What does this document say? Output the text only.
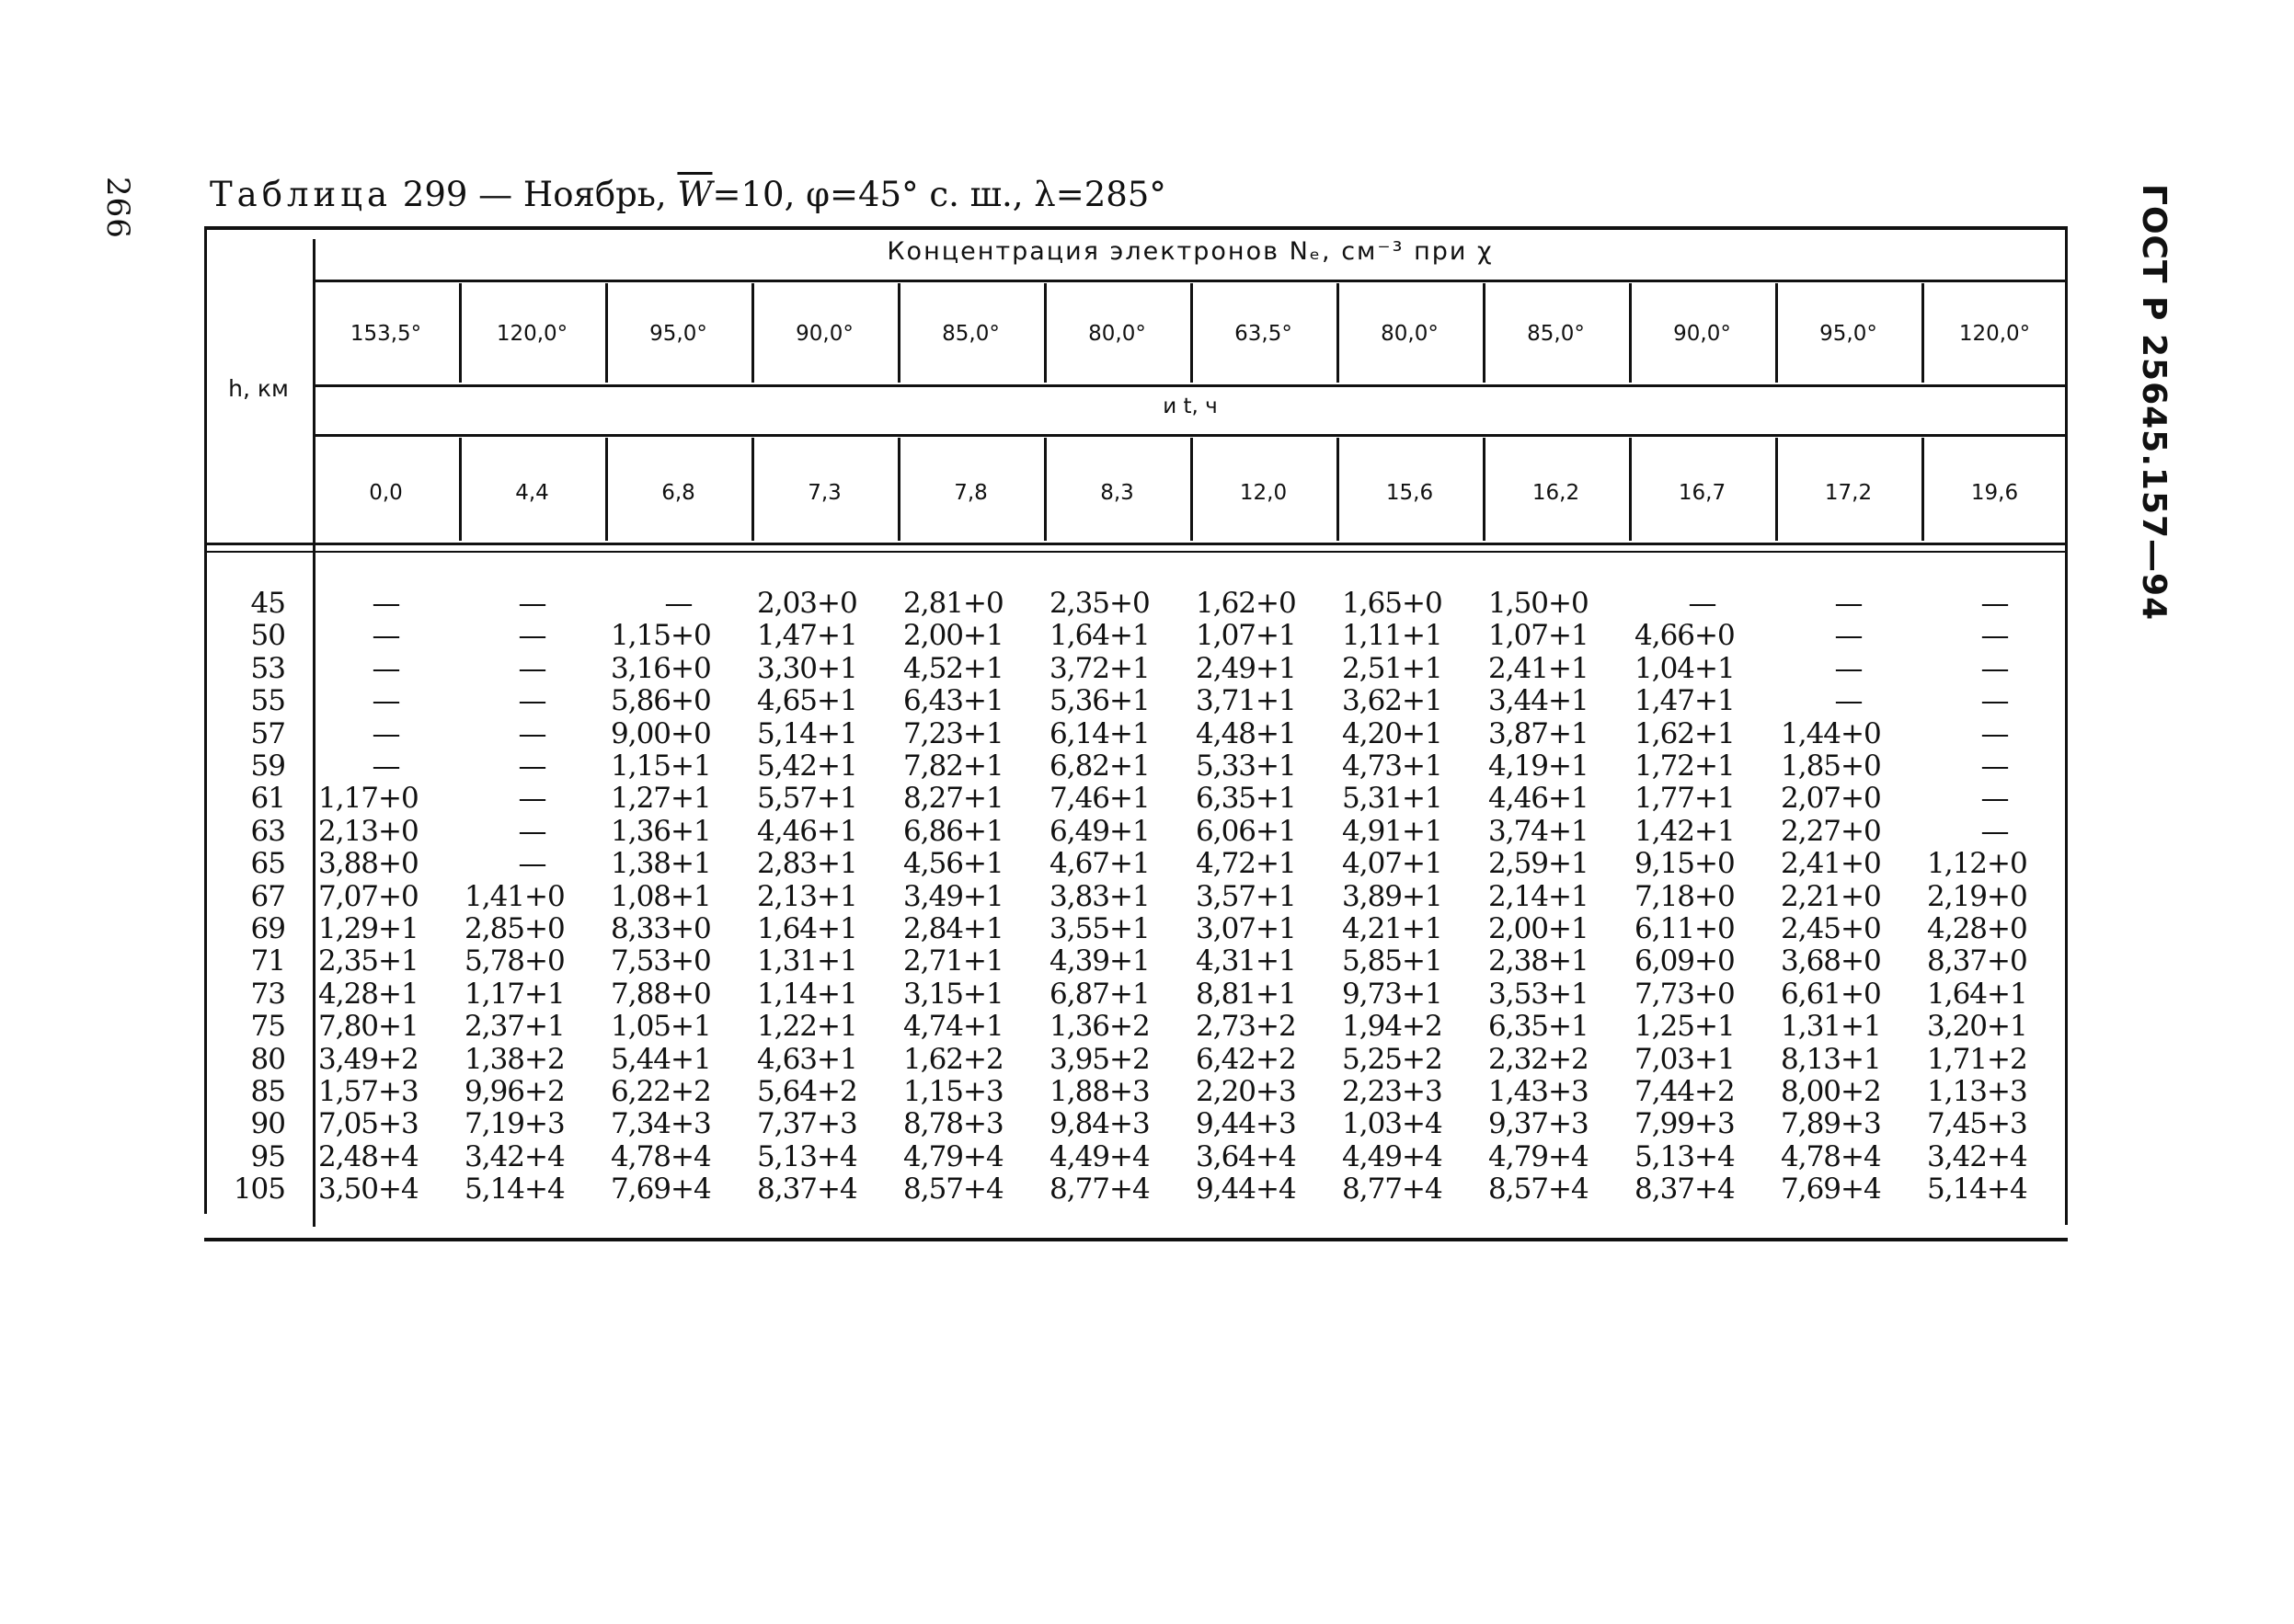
266	ГОСТ Р 25645.157—94
Таблица 299 — Ноябрь, $\overline{W}=10$, φ=45° с. ш., λ=285°
Концентрация электронов Nₑ, см⁻³ при χ
h, км
и t, ч
153,5°	120,0°	95,0°	90,0°	85,0°	80,0°	63,5°	80,0°	85,0°	90,0°	95,0°	120,0°
0,0	4,4	6,8	7,3	7,8	8,3	12,0	15,6	16,2	16,7	17,2	19,6
45	—	—	—	2,03+0 2,81+0 2,35+0 1,62+0 1,65+0 1,50+0	—	—	—
50	—	—	1,15+0 1,47+1 2,00+1 1,64+1 1,07+1 1,11+1 1,07+1 4,66+0	—	—
53	—	—	3,16+0 3,30+1 4,52+1 3,72+1 2,49+1 2,51+1 2,41+1 1,04+1	—	—
55	—	—	5,86+0 4,65+1 6,43+1 5,36+1 3,71+1 3,62+1 3,44+1 1,47+1	—	—
57	—	—	9,00+0 5,14+1 7,23+1 6,14+1 4,48+1 4,20+1 3,87+1 1,62+1 1,44+0	—
59	—	—	1,15+1 5,42+1 7,82+1 6,82+1 5,33+1 4,73+1 4,19+1 1,72+1 1,85+0	—
61 1,17+0	—	1,27+1 5,57+1 8,27+1 7,46+1 6,35+1 5,31+1 4,46+1 1,77+1 2,07+0	—
63 2,13+0	—	1,36+1 4,46+1 6,86+1 6,49+1 6,06+1 4,91+1 3,74+1 1,42+1 2,27+0	—
65 3,88+0	—	1,38+1 2,83+1 4,56+1 4,67+1 4,72+1 4,07+1 2,59+1 9,15+0 2,41+0 1,12+0
67 7,07+0 1,41+0 1,08+1 2,13+1 3,49+1 3,83+1 3,57+1 3,89+1 2,14+1 7,18+0 2,21+0 2,19+0
69 1,29+1 2,85+0 8,33+0 1,64+1 2,84+1 3,55+1 3,07+1 4,21+1 2,00+1 6,11+0 2,45+0 4,28+0
71 2,35+1 5,78+0 7,53+0 1,31+1 2,71+1 4,39+1 4,31+1 5,85+1 2,38+1 6,09+0 3,68+0 8,37+0
73 4,28+1 1,17+1 7,88+0 1,14+1 3,15+1 6,87+1 8,81+1 9,73+1 3,53+1 7,73+0 6,61+0 1,64+1
75 7,80+1 2,37+1 1,05+1 1,22+1 4,74+1 1,36+2 2,73+2 1,94+2 6,35+1 1,25+1 1,31+1 3,20+1
80 3,49+2 1,38+2 5,44+1 4,63+1 1,62+2 3,95+2 6,42+2 5,25+2 2,32+2 7,03+1 8,13+1 1,71+2
85 1,57+3 9,96+2 6,22+2 5,64+2 1,15+3 1,88+3 2,20+3 2,23+3 1,43+3 7,44+2 8,00+2 1,13+3
90 7,05+3 7,19+3 7,34+3 7,37+3 8,78+3 9,84+3 9,44+3 1,03+4 9,37+3 7,99+3 7,89+3 7,45+3
95 2,48+4 3,42+4 4,78+4 5,13+4 4,79+4 4,49+4 3,64+4 4,49+4 4,79+4 5,13+4 4,78+4 3,42+4
105 3,50+4 5,14+4 7,69+4 8,37+4 8,57+4 8,77+4 9,44+4 8,77+4 8,57+4 8,37+4 7,69+4 5,14+4
